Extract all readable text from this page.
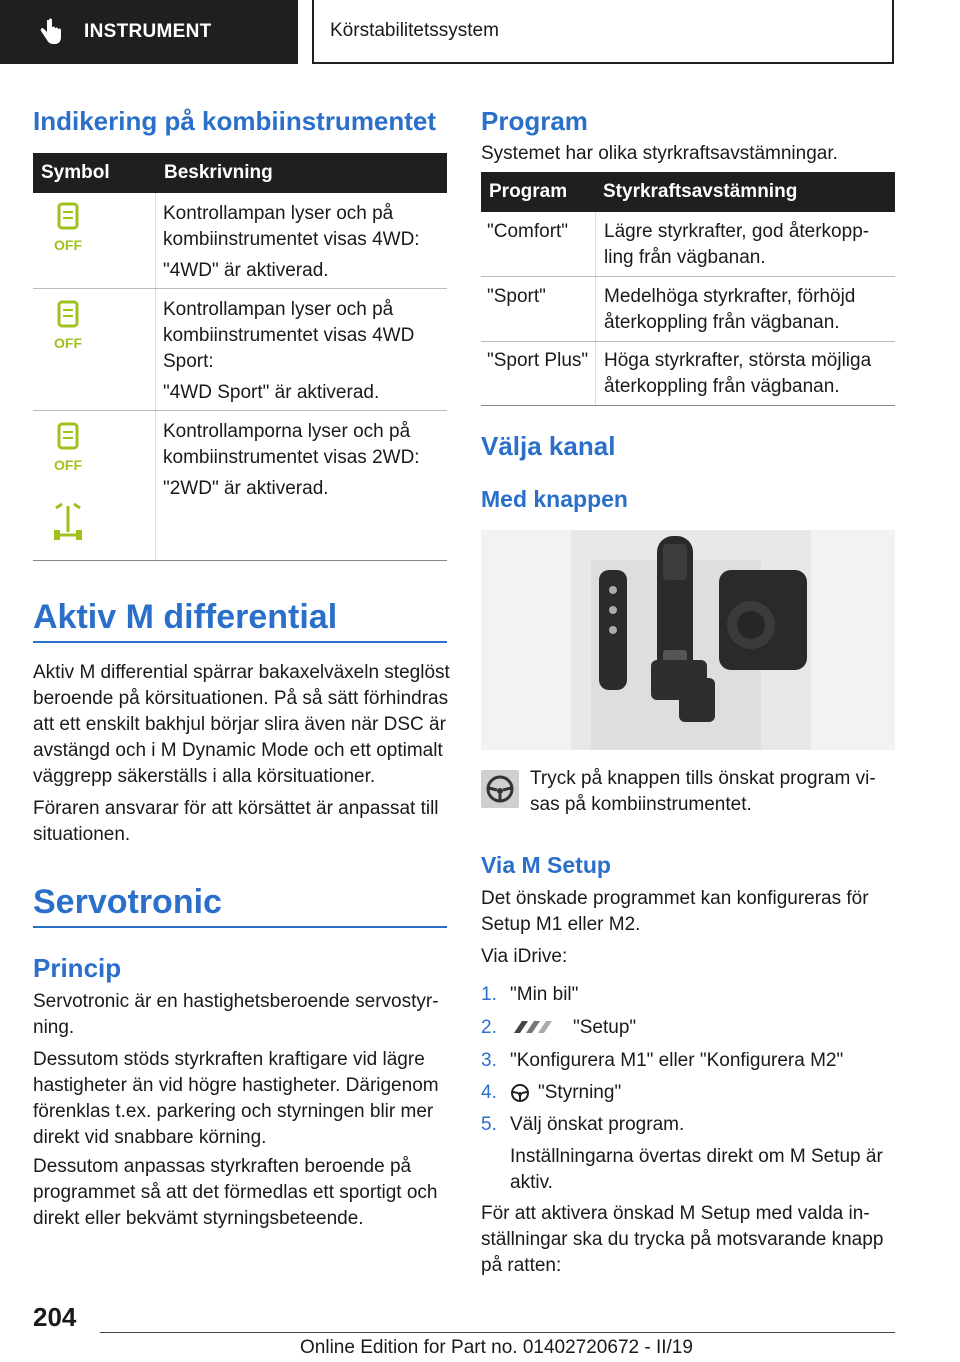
INSTRUMENT	Körstabilitetssystem
Indikering på kombiinstrumentet
Symbol	Beskrivning
OFF
Kontrollampan lyser och på kombiinstrumentet visas 4WD:
"4WD" är aktiverad.
OFF
Kontrollampan lyser och på kombiinstrumentet visas 4WD Sport:
"4WD Sport" är aktiverad.
OFF
Kontrollamporna lyser och på kombiinstrumentet visas 2WD:
"2WD" är aktiverad.
Aktiv M differential

Aktiv M differential spärrar bakaxelväxeln steglöst beroende på körsituationen. På så sätt förhindras att ett enskilt bakhjul börjar slira även när DSC är avstängd och i M Dynamic Mode och ett optimalt väggrepp säkerställs i alla körsituationer.

Föraren ansvarar för att körsättet är anpassat till situationen.

Servotronic
Princip

Servotronic är en hastighetsberoende servostyrning.

Dessutom stöds styrkraften kraftigare vid lägre hastigheter än vid högre hastigheter. Därigenom förenklas t.ex. parkering och styrningen blir mer direkt vid snabbare körning.

Dessutom anpassas styrkraften beroende på programmet så att det förmedlas ett sportigt och direkt eller bekvämt styrningsbeteende.

Program

Systemet har olika styrkraftsavstämningar.

Program Styrkraftsavstämning
"Comfort" Lägre styrkrafter, god återkoppling från vägbanan.
"Sport"	Medelhöga styrkrafter, förhöjd återkoppling från vägbanan.
"Sport Plus" Höga styrkrafter, största möjliga återkoppling från vägbanan.
Välja kanal
Med knappen

Tryck på knappen tills önskat program visas på kombiinstrumentet.

Via M Setup

Det önskade programmet kan konfigureras för Setup M1 eller M2.

Via iDrive:

1. "Min bil"

2.	"Setup"

3. "Konfigurera M1" eller "Konfigurera M2"

4. "Styrning"

5. Välj önskat program.

Inställningarna övertas direkt om M Setup är aktiv.

För att aktivera önskad M Setup med valda inställningar ska du trycka på motsvarande knapp på ratten:

204
Online Edition for Part no. 01402720672 - II/19
